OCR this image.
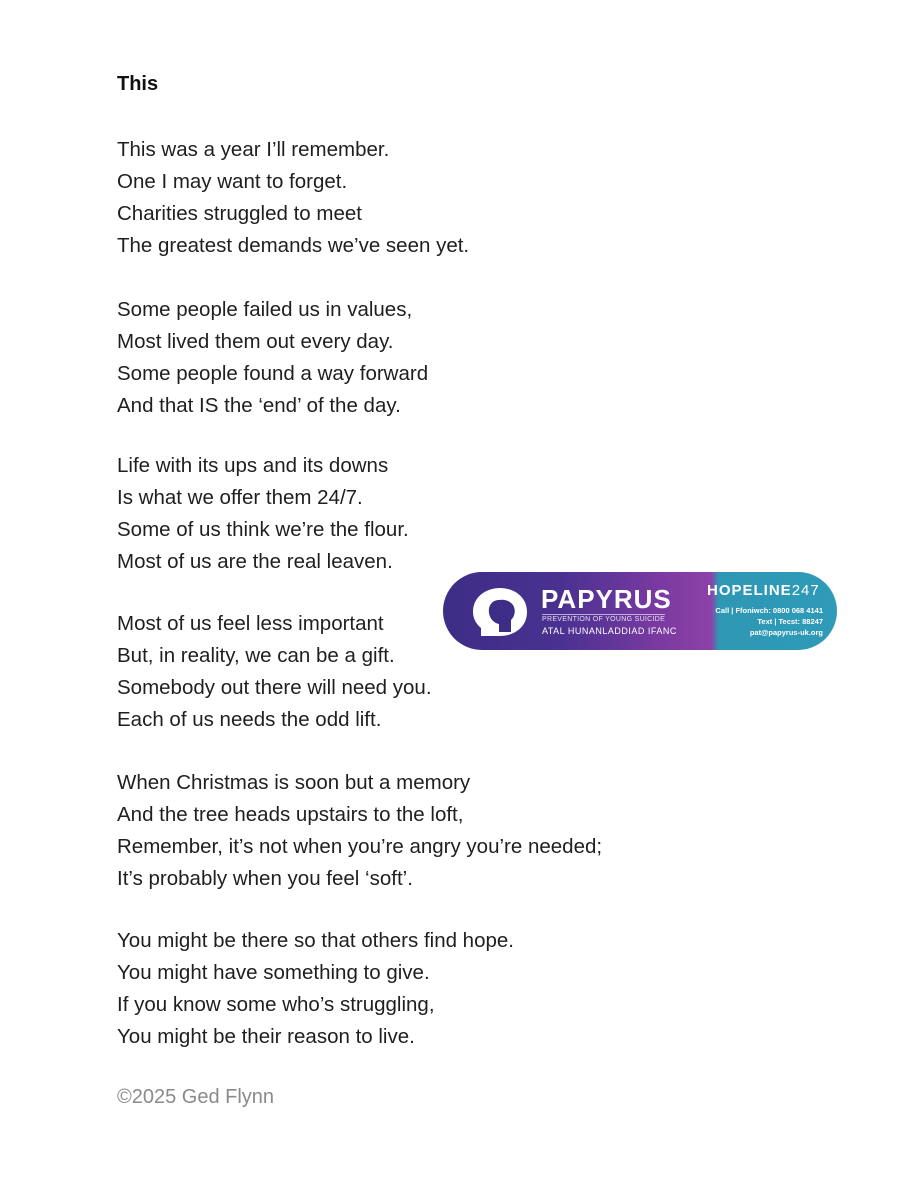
This
This was a year I’ll remember.
One I may want to forget.
Charities struggled to meet
The greatest demands we’ve seen yet.
Some people failed us in values,
Most lived them out every day.
Some people found a way forward
And that IS the ‘end’ of the day.
Life with its ups and its downs
Is what we offer them 24/7.
Some of us think we’re the flour.
Most of us are the real leaven.
Most of us feel less important
But, in reality, we can be a gift.
Somebody out there will need you.
Each of us needs the odd lift.
When Christmas is soon but a memory
And the tree heads upstairs to the loft,
Remember, it’s not when you’re angry you’re needed;
It’s probably when you feel ‘soft’.
You might be there so that others find hope.
You might have something to give.
If you know some who’s struggling,
You might be their reason to live.
©2025 Ged Flynn
PAPYRUS
PREVENTION OF YOUNG SUICIDE
ATAL HUNANLADDIAD IFANC
HOPELINE247
Call | Ffoniwch: 0800 068 4141
Text | Tecst: 88247
pat@papyrus-uk.org
